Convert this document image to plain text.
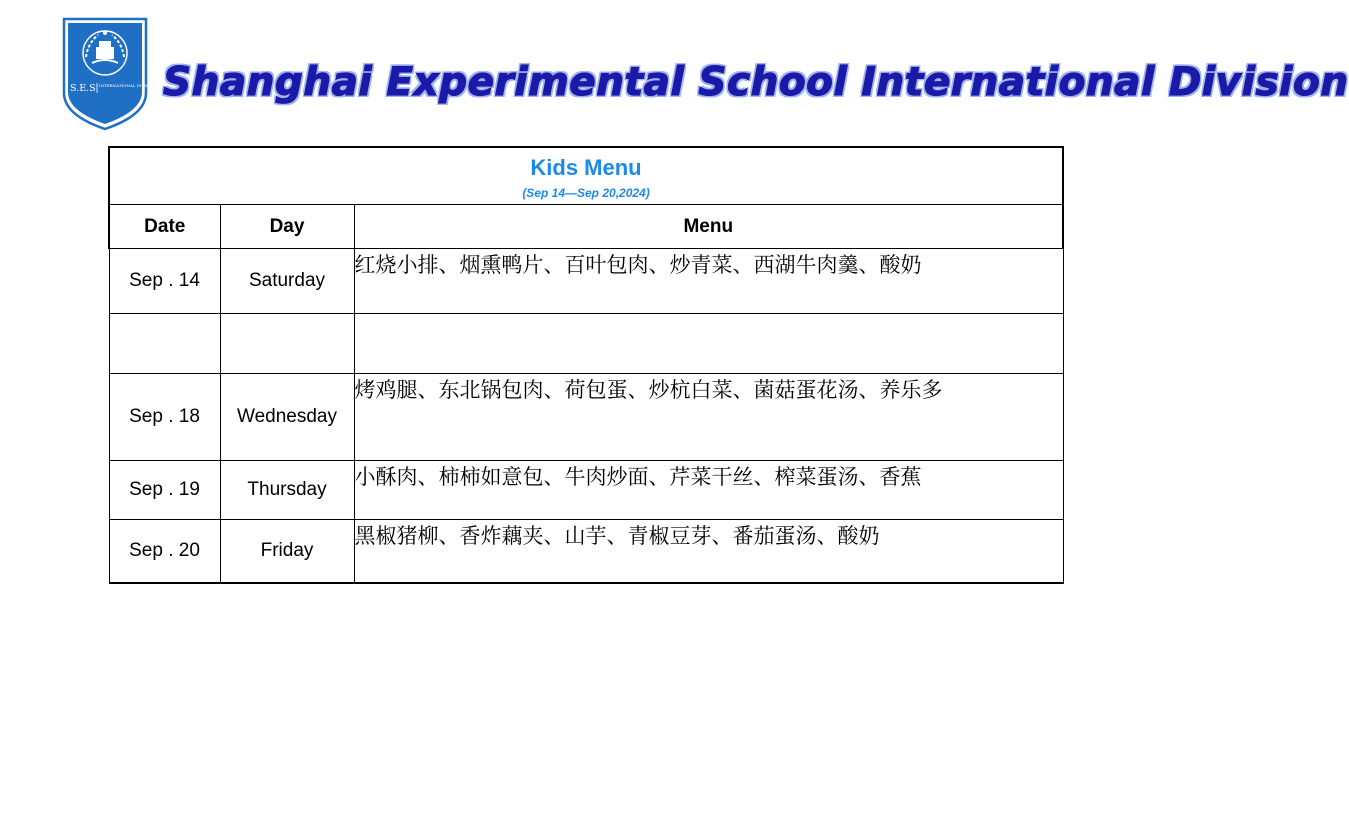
S.E.S INTERNATIONAL DIVISION Shanghai Experimental School International Division
Kids Menu
(Sep 14—Sep 20,2024)		

Date	Day	Menu
Sep . 14	Saturday	红烧小排、烟熏鸭片、百叶包肉、炒青菜、西湖牛肉羹、酸奶

Sep . 18	Wednesday	烤鸡腿、东北锅包肉、荷包蛋、炒杭白菜、菌菇蛋花汤、养乐多
Sep . 19	Thursday	小酥肉、柿柿如意包、牛肉炒面、芹菜干丝、榨菜蛋汤、香蕉
Sep . 20	Friday	黑椒猪柳、香炸藕夹、山芋、青椒豆芽、番茄蛋汤、酸奶
